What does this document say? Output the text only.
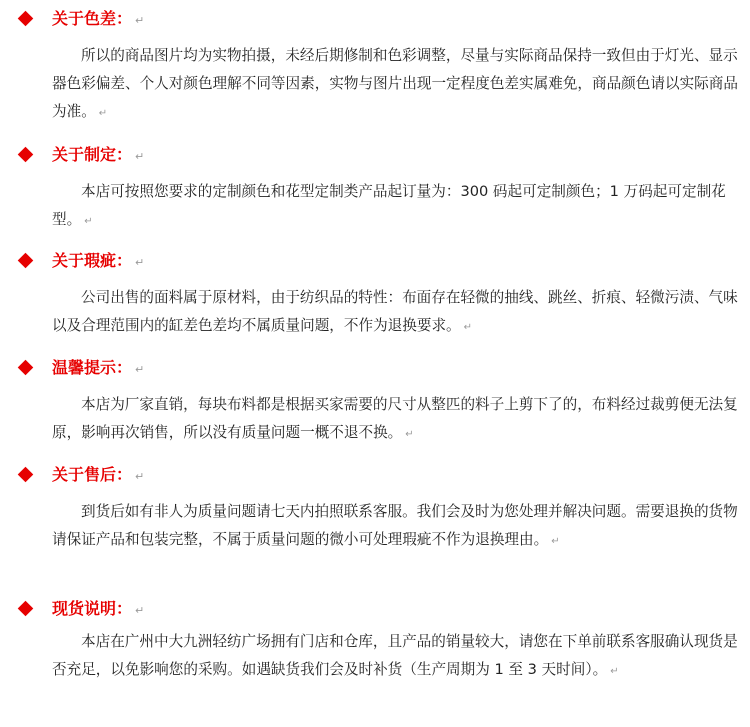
关于色差： ↵
所以的商品图片均为实物拍摄，未经后期修制和色彩调整，尽量与实际商品保持一致但由于灯光、显示器色彩偏差、个人对颜色理解不同等因素，实物与图片出现一定程度色差实属难免，商品颜色请以实际商品为准。 ↵
关于制定： ↵
本店可按照您要求的定制颜色和花型定制类产品起订量为：300 码起可定制颜色；1 万码起可定制花型。 ↵
关于瑕疵： ↵
公司出售的面料属于原材料，由于纺织品的特性：布面存在轻微的抽线、跳丝、折痕、轻微污渍、气味以及合理范围内的缸差色差均不属质量问题，不作为退换要求。 ↵
温馨提示： ↵
本店为厂家直销，每块布料都是根据买家需要的尺寸从整匹的料子上剪下了的，布料经过裁剪便无法复原，影响再次销售，所以没有质量问题一概不退不换。 ↵
关于售后： ↵
到货后如有非人为质量问题请七天内拍照联系客服。我们会及时为您处理并解决问题。需要退换的货物请保证产品和包装完整，不属于质量问题的微小可处理瑕疵不作为退换理由。 ↵
现货说明： ↵
本店在广州中大九洲轻纺广场拥有门店和仓库，且产品的销量较大，请您在下单前联系客服确认现货是否充足，以免影响您的采购。如遇缺货我们会及时补货（生产周期为 1 至 3 天时间）。 ↵
